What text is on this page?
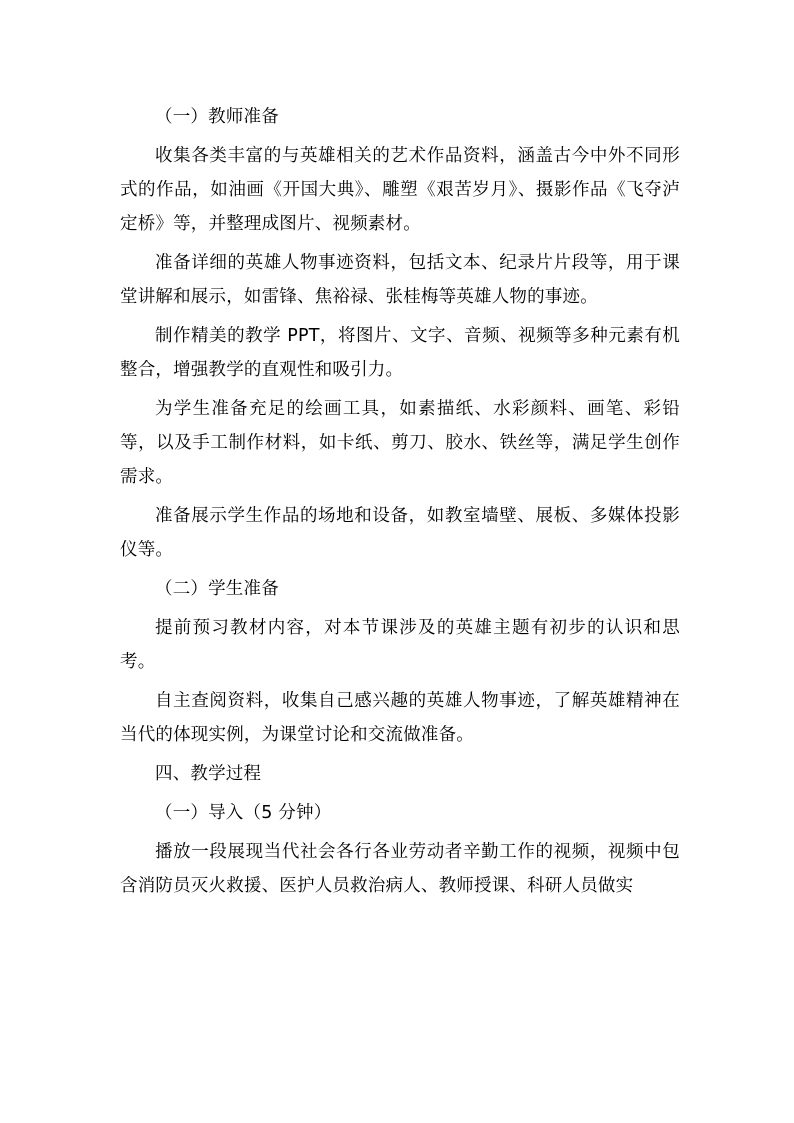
（一）教师准备

收集各类丰富的与英雄相关的艺术作品资料，涵盖古今中外不同形式的作品，如油画《开国大典》、雕塑《艰苦岁月》、摄影作品《飞夺泸定桥》等，并整理成图片、视频素材。

准备详细的英雄人物事迹资料，包括文本、纪录片片段等，用于课堂讲解和展示，如雷锋、焦裕禄、张桂梅等英雄人物的事迹。

制作精美的教学 PPT，将图片、文字、音频、视频等多种元素有机整合，增强教学的直观性和吸引力。

为学生准备充足的绘画工具，如素描纸、水彩颜料、画笔、彩铅等，以及手工制作材料，如卡纸、剪刀、胶水、铁丝等，满足学生创作需求。

准备展示学生作品的场地和设备，如教室墙壁、展板、多媒体投影仪等。

（二）学生准备

提前预习教材内容，对本节课涉及的英雄主题有初步的认识和思考。

自主查阅资料，收集自己感兴趣的英雄人物事迹，了解英雄精神在当代的体现实例，为课堂讨论和交流做准备。

四、教学过程

（一）导入（5 分钟）

播放一段展现当代社会各行各业劳动者辛勤工作的视频，视频中包含消防员灭火救援、医护人员救治病人、教师授课、科研人员做实
